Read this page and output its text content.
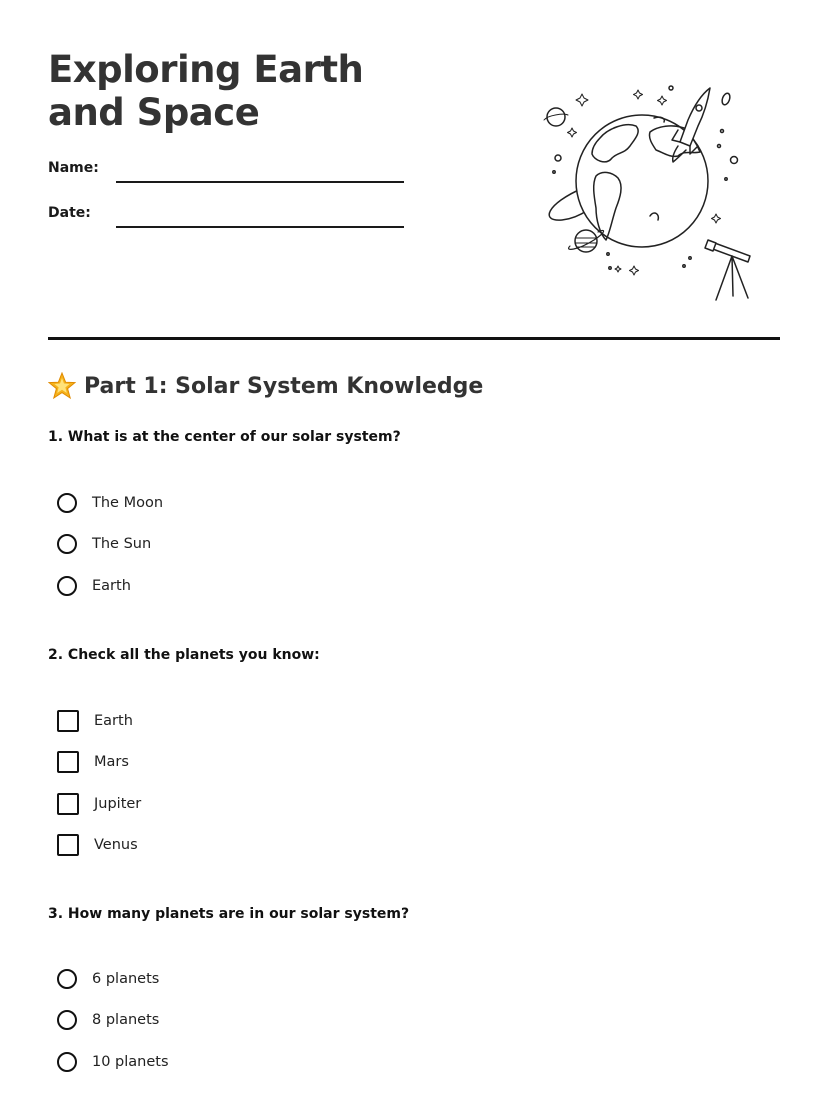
Exploring Earth and Space
Name:
Date:
Part 1: Solar System Knowledge
1. What is at the center of our solar system?
The Moon
The Sun
Earth
2. Check all the planets you know:
Earth
Mars
Jupiter
Venus
3. How many planets are in our solar system?
6 planets
8 planets
10 planets
